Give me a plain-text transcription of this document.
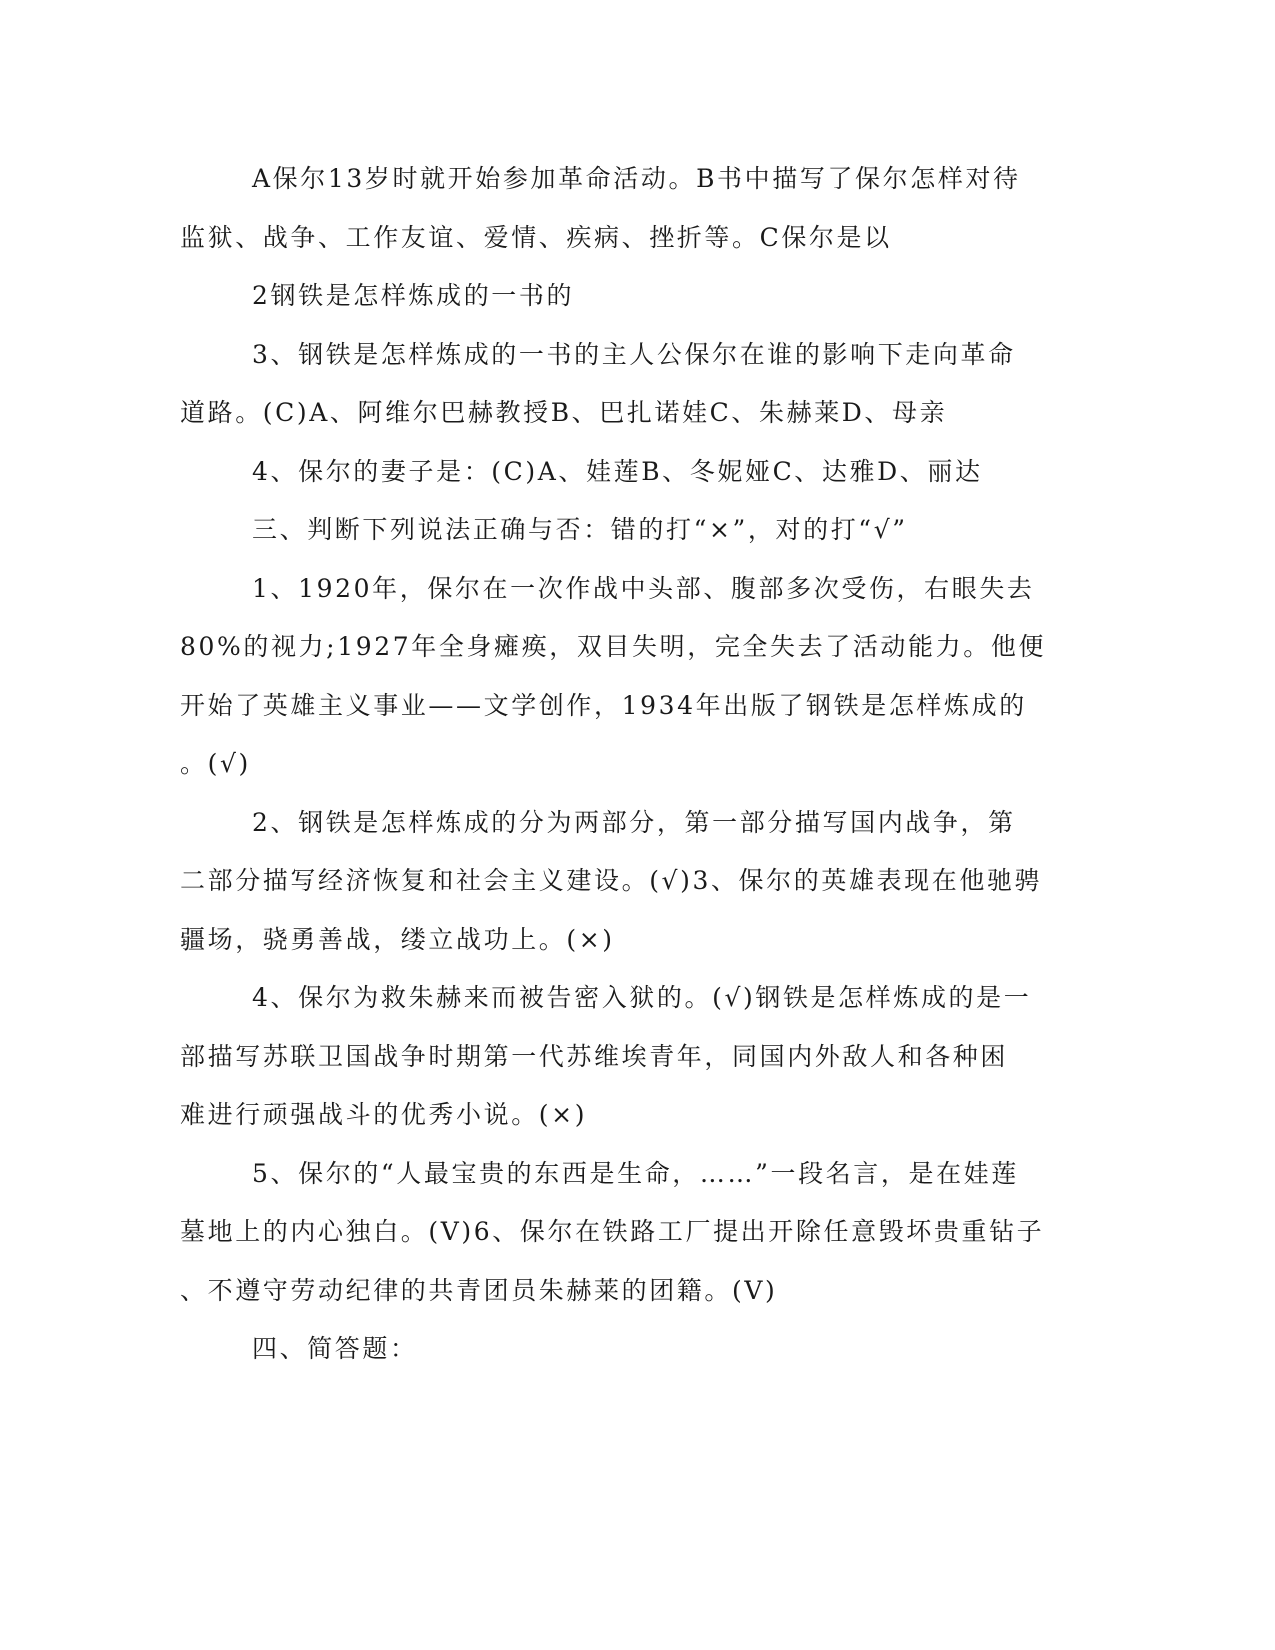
A保尔13岁时就开始参加革命活动。B书中描写了保尔怎样对待
监狱、战争、工作友谊、爱情、疾病、挫折等。C保尔是以
2钢铁是怎样炼成的一书的
3、钢铁是怎样炼成的一书的主人公保尔在谁的影响下走向革命
道路。(C)A、阿维尔巴赫教授B、巴扎诺娃C、朱赫莱D、母亲
4、保尔的妻子是：(C)A、娃莲B、冬妮娅C、达雅D、丽达
三、判断下列说法正确与否：错的打“×”，对的打“√”
1、1920年，保尔在一次作战中头部、腹部多次受伤，右眼失去
80%的视力;1927年全身瘫痪，双目失明，完全失去了活动能力。他便
开始了英雄主义事业——文学创作，1934年出版了钢铁是怎样炼成的
。(√)
2、钢铁是怎样炼成的分为两部分，第一部分描写国内战争，第
二部分描写经济恢复和社会主义建设。(√)3、保尔的英雄表现在他驰骋
疆场，骁勇善战，缕立战功上。(×)
4、保尔为救朱赫来而被告密入狱的。(√)钢铁是怎样炼成的是一
部描写苏联卫国战争时期第一代苏维埃青年，同国内外敌人和各种困
难进行顽强战斗的优秀小说。(×)
5、保尔的“人最宝贵的东西是生命，……”一段名言，是在娃莲
墓地上的内心独白。(V)6、保尔在铁路工厂提出开除任意毁坏贵重钻子
、不遵守劳动纪律的共青团员朱赫莱的团籍。(V)
四、简答题：
